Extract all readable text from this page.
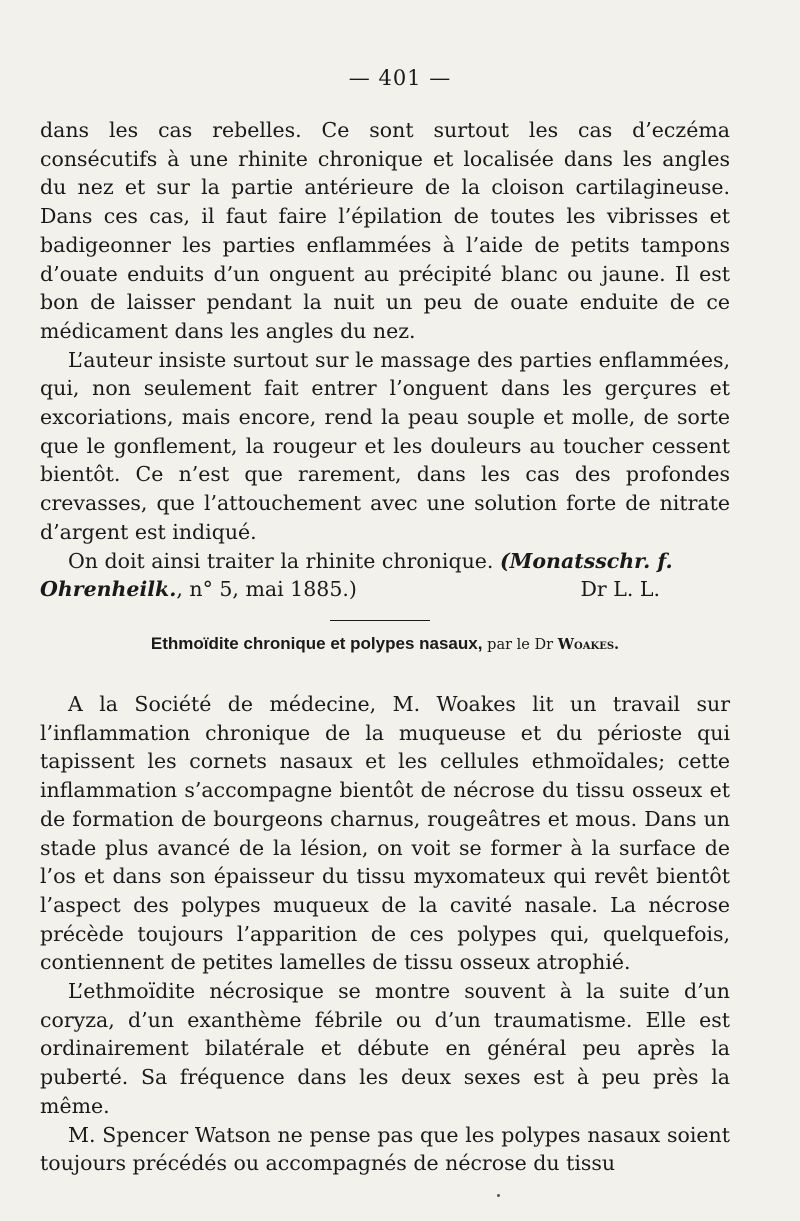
— 401 —

dans les cas rebelles. Ce sont surtout les cas d’eczéma consécutifs à une rhinite chronique et localisée dans les angles du nez et sur la partie antérieure de la cloison cartilagineuse. Dans ces cas, il faut faire l’épilation de toutes les vibrisses et badigeonner les parties enflammées à l’aide de petits tampons d’ouate enduits d’un onguent au précipité blanc ou jaune. Il est bon de laisser pendant la nuit un peu de ouate enduite de ce médicament dans les angles du nez.

L’auteur insiste surtout sur le massage des parties enflammées, qui, non seulement fait entrer l’onguent dans les gerçures et excoriations, mais encore, rend la peau souple et molle, de sorte que le gonflement, la rougeur et les douleurs au toucher cessent bientôt. Ce n’est que rarement, dans les cas des profondes crevasses, que l’attouchement avec une solution forte de nitrate d’argent est indiqué.

On doit ainsi traiter la rhinite chronique. (Monatsschr. f.

Ohrenheilk., n° 5, mai 1885.)	Dr L. L.
Ethmoïdite chronique et polypes nasaux, par le Dr Woakes.

A la Société de médecine, M. Woakes lit un travail sur l’inflammation chronique de la muqueuse et du périoste qui tapissent les cornets nasaux et les cellules ethmoïdales; cette inflammation s’accompagne bientôt de nécrose du tissu osseux et de formation de bourgeons charnus, rougeâtres et mous. Dans un stade plus avancé de la lésion, on voit se former à la surface de l’os et dans son épaisseur du tissu myxomateux qui revêt bientôt l’aspect des polypes muqueux de la cavité nasale. La nécrose précède toujours l’apparition de ces polypes qui, quelquefois, contiennent de petites lamelles de tissu osseux atrophié.

L’ethmoïdite nécrosique se montre souvent à la suite d’un coryza, d’un exanthème fébrile ou d’un traumatisme. Elle est ordinairement bilatérale et débute en général peu après la puberté. Sa fréquence dans les deux sexes est à peu près la même.

M. Spencer Watson ne pense pas que les polypes nasaux soient toujours précédés ou accompagnés de nécrose du tissu
